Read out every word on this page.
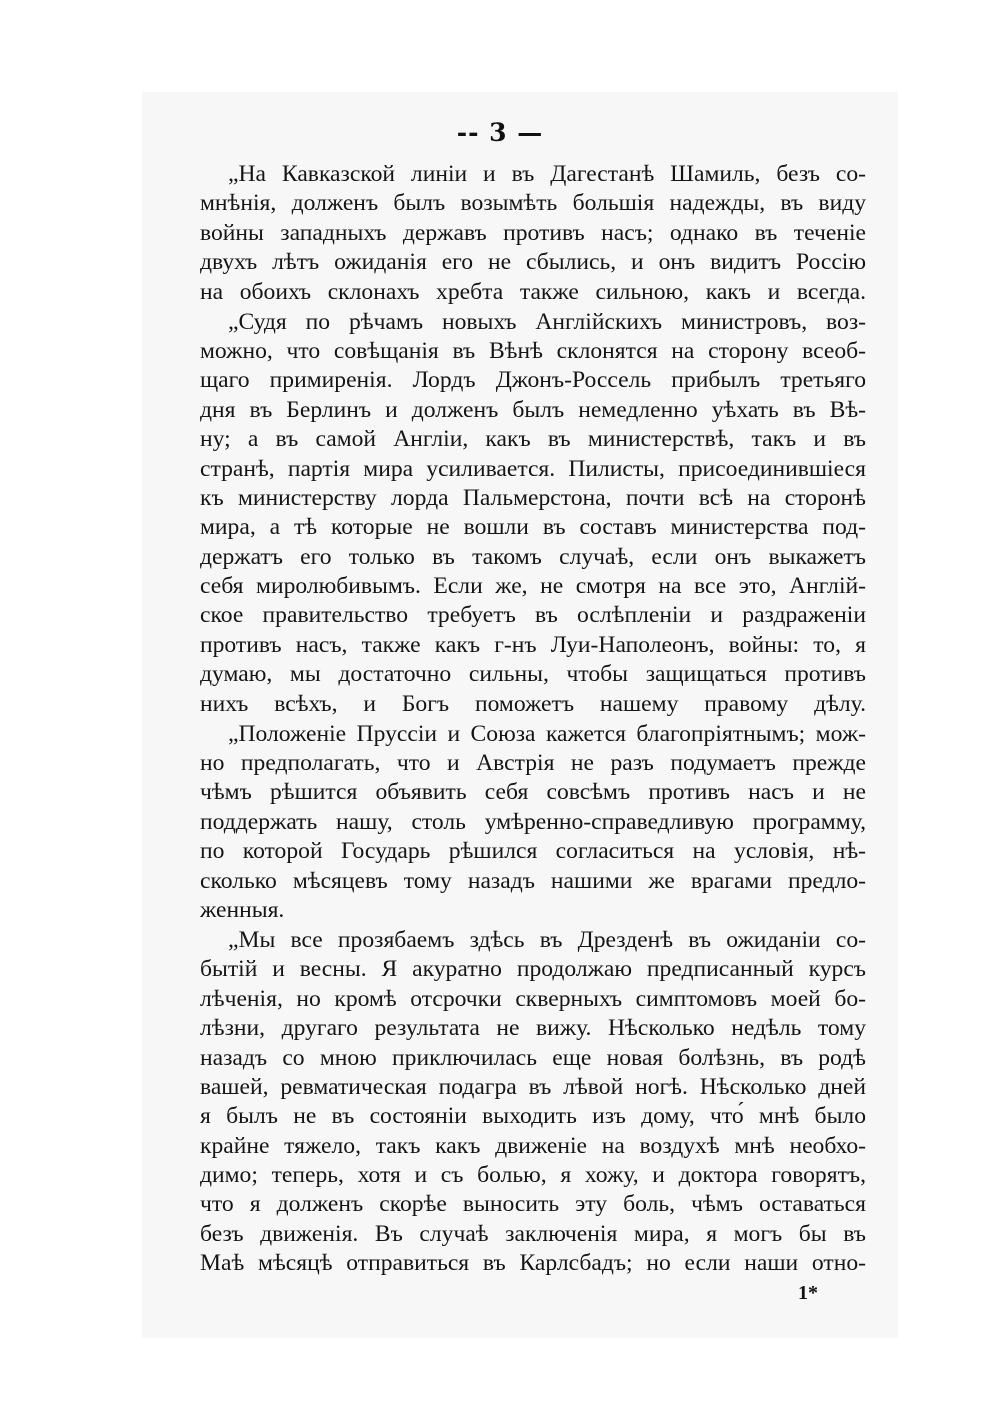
-- 3 —
„На Кавказской линіи и въ Дагестанѣ Шамиль, безъ со-
мнѣнія, долженъ былъ возымѣть большія надежды, въ виду
войны западныхъ державъ противъ насъ; однако въ теченіе
двухъ лѣтъ ожиданія его не сбылись, и онъ видитъ Россію
на обоихъ склонахъ хребта также сильною, какъ и всегда.
„Судя по рѣчамъ новыхъ Англійскихъ министровъ, воз-
можно, что совѣщанія въ Вѣнѣ склонятся на сторону всеоб-
щаго примиренія. Лордъ Джонъ-Россель прибылъ третьяго
дня въ Берлинъ и долженъ былъ немедленно уѣхать въ Вѣ-
ну; а въ самой Англіи, какъ въ министерствѣ, такъ и въ
странѣ, партія мира усиливается. Пилисты, присоединившіеся
къ министерству лорда Пальмерстона, почти всѣ на сторонѣ
мира, а тѣ которые не вошли въ составъ министерства под-
держатъ его только въ такомъ случаѣ, если онъ выкажетъ
себя миролюбивымъ. Если же, не смотря на все это, Англій-
ское правительство требуетъ въ ослѣпленіи и раздраженіи
противъ насъ, также какъ г-нъ Луи-Наполеонъ, войны: то, я
думаю, мы достаточно сильны, чтобы защищаться противъ
нихъ всѣхъ, и Богъ поможетъ нашему правому дѣлу.
„Положеніе Пруссіи и Союза кажется благопріятнымъ; мож-
но предполагать, что и Австрія не разъ подумаетъ прежде
чѣмъ рѣшится объявить себя совсѣмъ противъ насъ и не
поддержать нашу, столь умѣренно-справедливую программу,
по которой Государь рѣшился согласиться на условія, нѣ-
сколько мѣсяцевъ тому назадъ нашими же врагами предло-
женныя.
„Мы все прозябаемъ здѣсь въ Дрезденѣ въ ожиданіи со-
бытій и весны. Я акуратно продолжаю предписанный курсъ
лѣченія, но кромѣ отсрочки скверныхъ симптомовъ моей бо-
лѣзни, другаго результата не вижу. Нѣсколько недѣль тому
назадъ со мною приключилась еще новая болѣзнь, въ родѣ
вашей, ревматическая подагра въ лѣвой ногѣ. Нѣсколько дней
я былъ не въ состояніи выходить изъ дому, что́ мнѣ было
крайне тяжело, такъ какъ движеніе на воздухѣ мнѣ необхо-
димо; теперь, хотя и съ болью, я хожу, и доктора говорятъ,
что я долженъ скорѣе выносить эту боль, чѣмъ оставаться
безъ движенія. Въ случаѣ заключенія мира, я могъ бы въ
Маѣ мѣсяцѣ отправиться въ Карлсбадъ; но если наши отно-
1*
